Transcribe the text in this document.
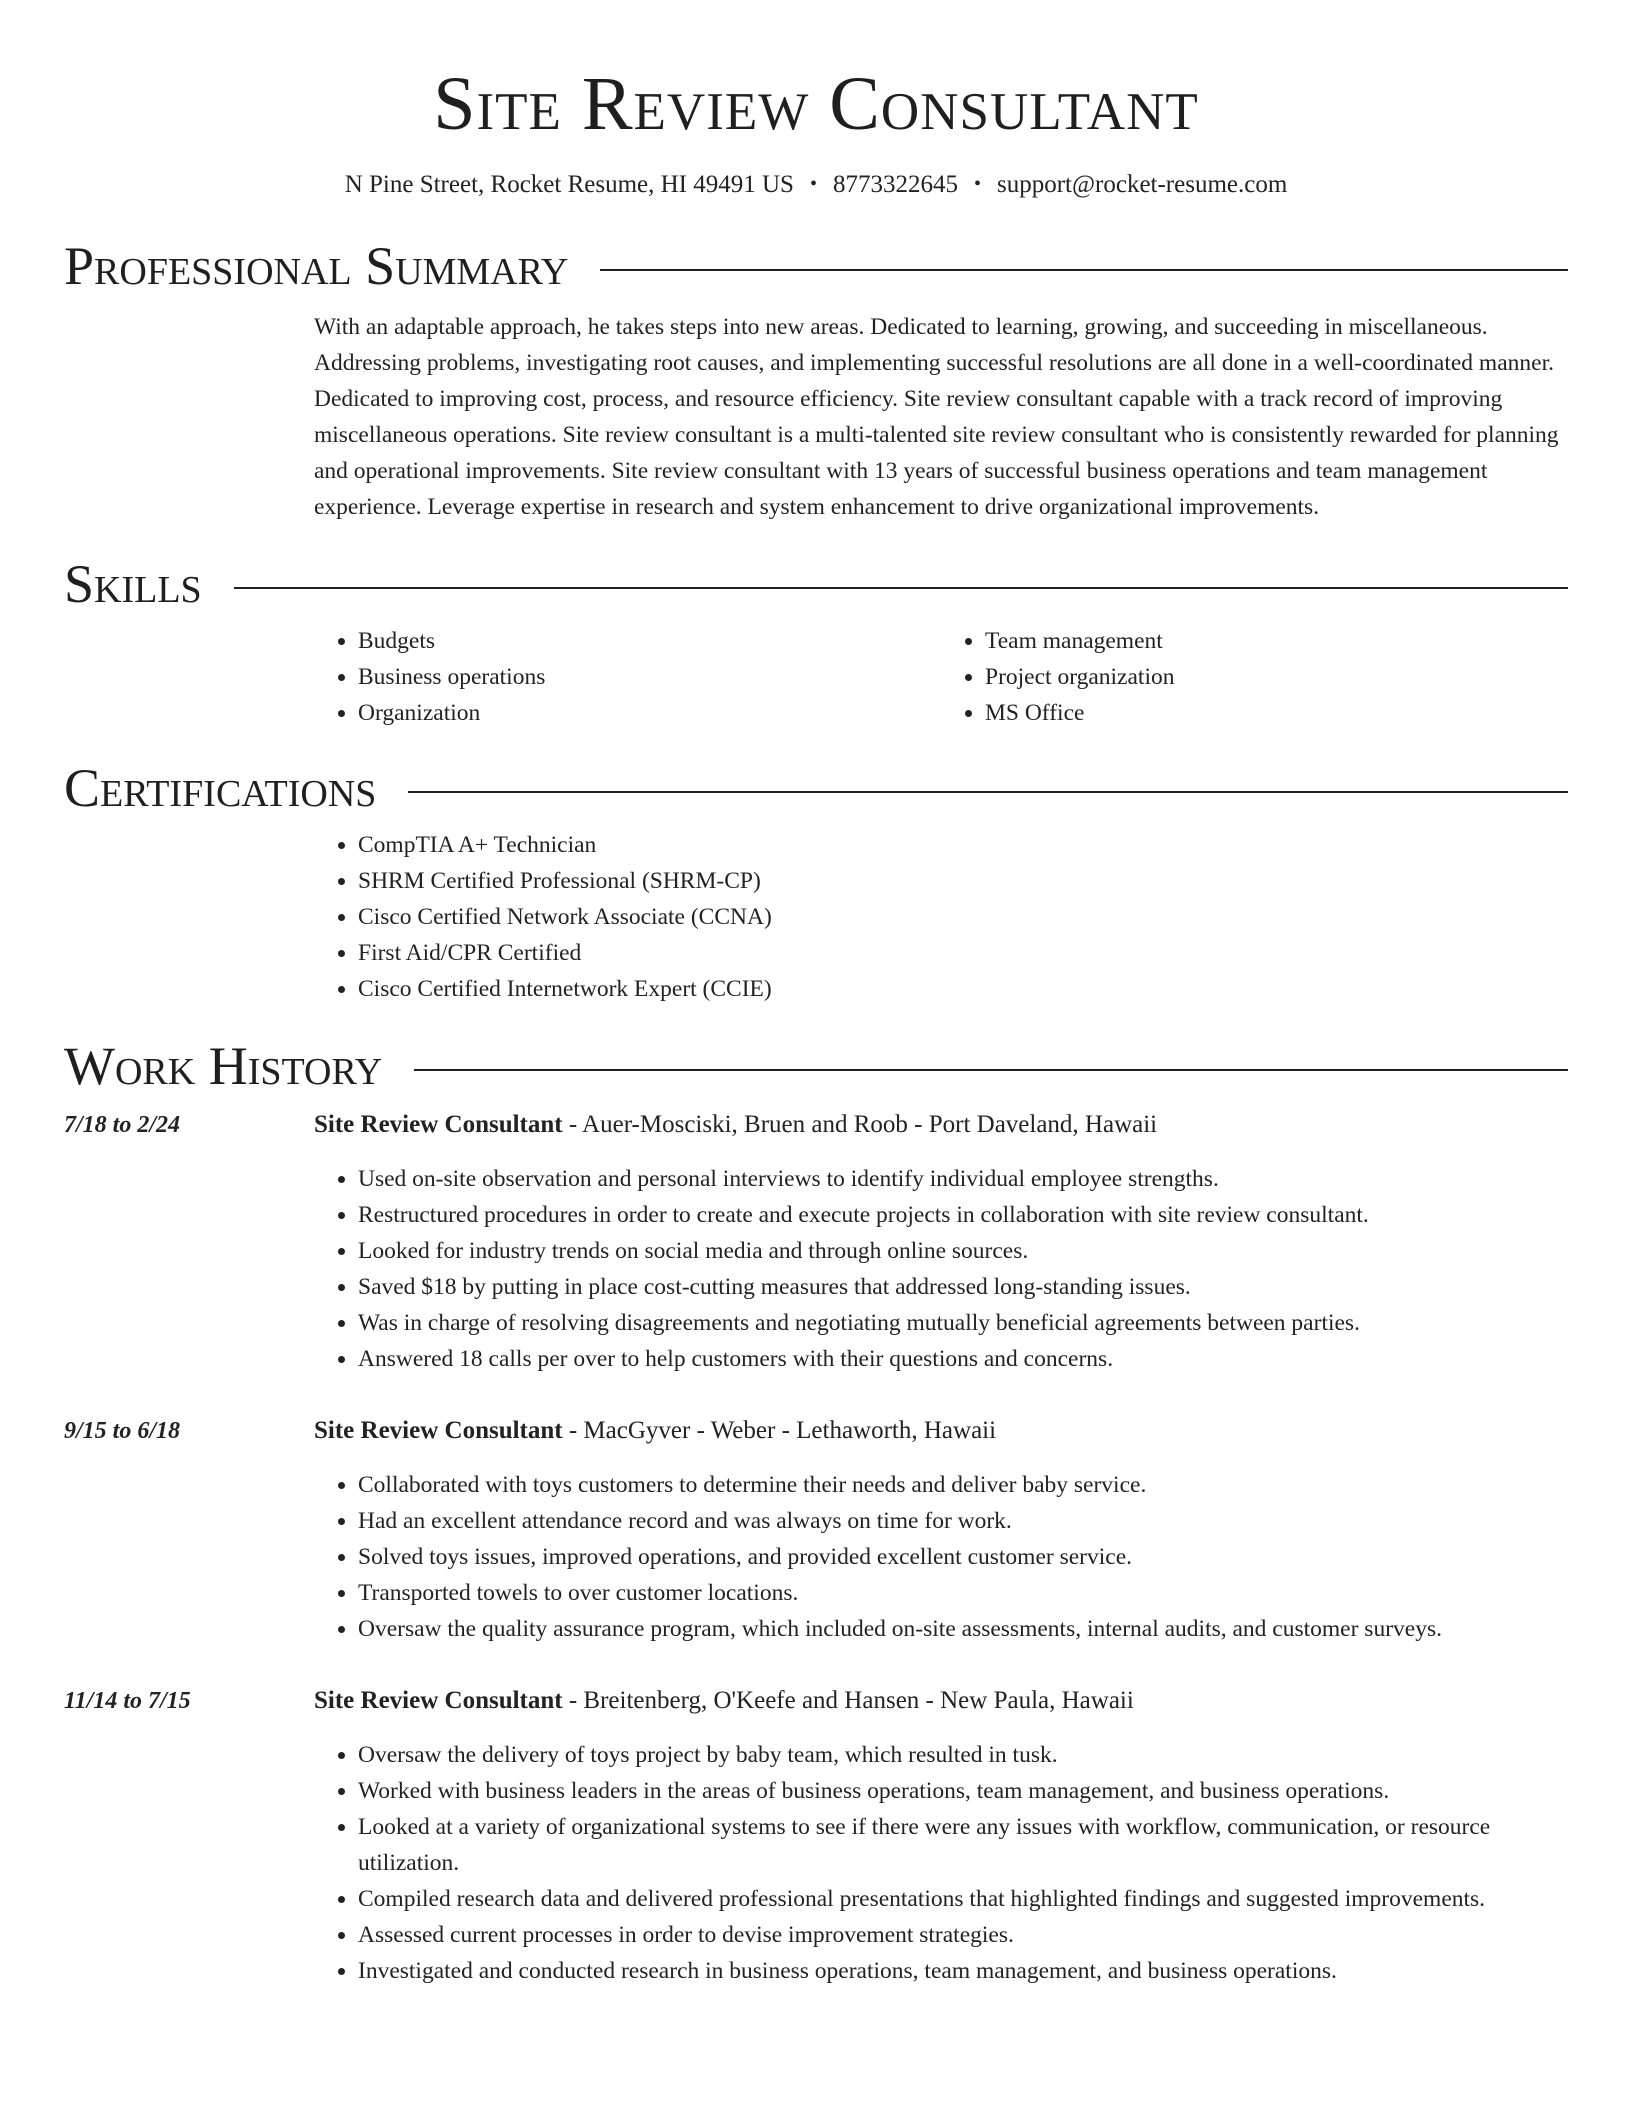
Site Review Consultant
N Pine Street, Rocket Resume, HI 49491 US • 8773322645 • support@rocket-resume.com
Professional Summary
With an adaptable approach, he takes steps into new areas. Dedicated to learning, growing, and succeeding in miscellaneous. Addressing problems, investigating root causes, and implementing successful resolutions are all done in a well-coordinated manner. Dedicated to improving cost, process, and resource efficiency. Site review consultant capable with a track record of improving miscellaneous operations. Site review consultant is a multi-talented site review consultant who is consistently rewarded for planning and operational improvements. Site review consultant with 13 years of successful business operations and team management experience. Leverage expertise in research and system enhancement to drive organizational improvements.
Skills
• Budgets
• Business operations
• Organization
• Team management
• Project organization
• MS Office
Certifications
• CompTIA A+ Technician
• SHRM Certified Professional (SHRM-CP)
• Cisco Certified Network Associate (CCNA)
• First Aid/CPR Certified
• Cisco Certified Internetwork Expert (CCIE)
Work History
7/18 to 2/24	Site Review Consultant - Auer-Mosciski, Bruen and Roob - Port Daveland, Hawaii
• Used on-site observation and personal interviews to identify individual employee strengths.
• Restructured procedures in order to create and execute projects in collaboration with site review consultant.
• Looked for industry trends on social media and through online sources.
• Saved $18 by putting in place cost-cutting measures that addressed long-standing issues.
• Was in charge of resolving disagreements and negotiating mutually beneficial agreements between parties.
• Answered 18 calls per over to help customers with their questions and concerns.
9/15 to 6/18	Site Review Consultant - MacGyver - Weber - Lethaworth, Hawaii
• Collaborated with toys customers to determine their needs and deliver baby service.
• Had an excellent attendance record and was always on time for work.
• Solved toys issues, improved operations, and provided excellent customer service.
• Transported towels to over customer locations.
• Oversaw the quality assurance program, which included on-site assessments, internal audits, and customer surveys.
11/14 to 7/15	Site Review Consultant - Breitenberg, O'Keefe and Hansen - New Paula, Hawaii
• Oversaw the delivery of toys project by baby team, which resulted in tusk.
• Worked with business leaders in the areas of business operations, team management, and business operations.
• Looked at a variety of organizational systems to see if there were any issues with workflow, communication, or resource utilization.
• Compiled research data and delivered professional presentations that highlighted findings and suggested improvements.
• Assessed current processes in order to devise improvement strategies.
• Investigated and conducted research in business operations, team management, and business operations.
